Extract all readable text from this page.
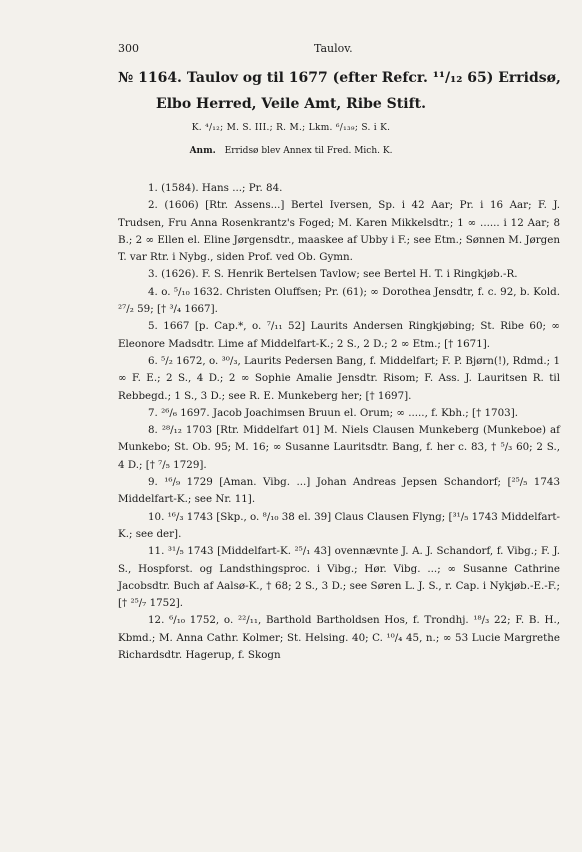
300	Taulov.
№ 1164. Taulov og til 1677 (efter Refcr. ¹¹/₁₂ 65) Erridsø,
Elbo Herred, Veile Amt, Ribe Stift.
K. ⁴/₁₂; M. S. III.; R. M.; Lkm. ⁶/₁₃₉; S. i K.
Anm. Erridsø blev Annex til Fred. Mich. K.
1. (1584). Hans ...; Pr. 84.
2. (1606) [Rtr. Assens...] Bertel Iversen, Sp. i 42 Aar; Pr. i 16 Aar; F. J. Trudsen, Fru Anna Rosenkrantz's Foged; M. Karen Mikkelsdtr.; 1 ∞ ...... i 12 Aar; 8 B.; 2 ∞ Ellen el. Eline Jørgensdtr., maaskee af Ubby i F.; see Etm.; Sønnen M. Jørgen T. var Rtr. i Nybg., siden Prof. ved Ob. Gymn.
3. (1626). F. S. Henrik Bertelsen Tavlow; see Bertel H. T. i Ringkjøb.-R.
4. o. ⁵/₁₀ 1632. Christen Oluffsen; Pr. (61); ∞ Dorothea Jensdtr, f. c. 92, b. Kold. ²⁷/₂ 59; [† ³/₄ 1667].
5. 1667 [p. Cap.*, o. ⁷/₁₁ 52] Laurits Andersen Ringkjøbing; St. Ribe 60; ∞ Eleonore Madsdtr. Lime af Middelfart-K.; 2 S., 2 D.; 2 ∞ Etm.; [† 1671].
6. ⁵/₂ 1672, o. ³⁰/₃, Laurits Pedersen Bang, f. Middelfart; F. P. Bjørn(!), Rdmd.; 1 ∞ F. E.; 2 S., 4 D.; 2 ∞ Sophie Amalie Jensdtr. Risom; F. Ass. J. Lauritsen R. til Rebbegd.; 1 S., 3 D.; see R. E. Munkeberg her; [† 1697].
7. ²⁶/₆ 1697. Jacob Joachimsen Bruun el. Orum; ∞ ....., f. Kbh.; [† 1703].
8. ²⁸/₁₂ 1703 [Rtr. Middelfart 01] M. Niels Clausen Munkeberg (Munkeboe) af Munkebo; St. Ob. 95; M. 16; ∞ Susanne Lauritsdtr. Bang, f. her c. 83, † ⁵/₃ 60; 2 S., 4 D.; [† ⁷/₅ 1729].
9. ¹⁶/₉ 1729 [Aman. Vibg. ...] Johan Andreas Jepsen Schandorf; [²⁵/₅ 1743 Middelfart-K.; see Nr. 11].
10. ¹⁶/₃ 1743 [Skp., o. ⁸/₁₀ 38 el. 39] Claus Clausen Flyng; [³¹/₅ 1743 Middelfart-K.; see der].
11. ³¹/₅ 1743 [Middelfart-K. ²⁵/₁ 43] ovennævnte J. A. J. Schandorf, f. Vibg.; F. J. S., Hospforst. og Landsthingsproc. i Vibg.; Hør. Vibg. ...; ∞ Susanne Cathrine Jacobsdtr. Buch af Aalsø-K., † 68; 2 S., 3 D.; see Søren L. J. S., r. Cap. i Nykjøb.-E.-F.; [† ²⁵/₇ 1752].
12. ⁶/₁₀ 1752, o. ²²/₁₁, Barthold Bartholdsen Hos, f. Trondhj. ¹⁸/₃ 22; F. B. H., Kbmd.; M. Anna Cathr. Kolmer; St. Helsing. 40; C. ¹⁰/₄ 45, n.; ∞ 53 Lucie Margrethe Richardsdtr. Hagerup, f. Skogn
